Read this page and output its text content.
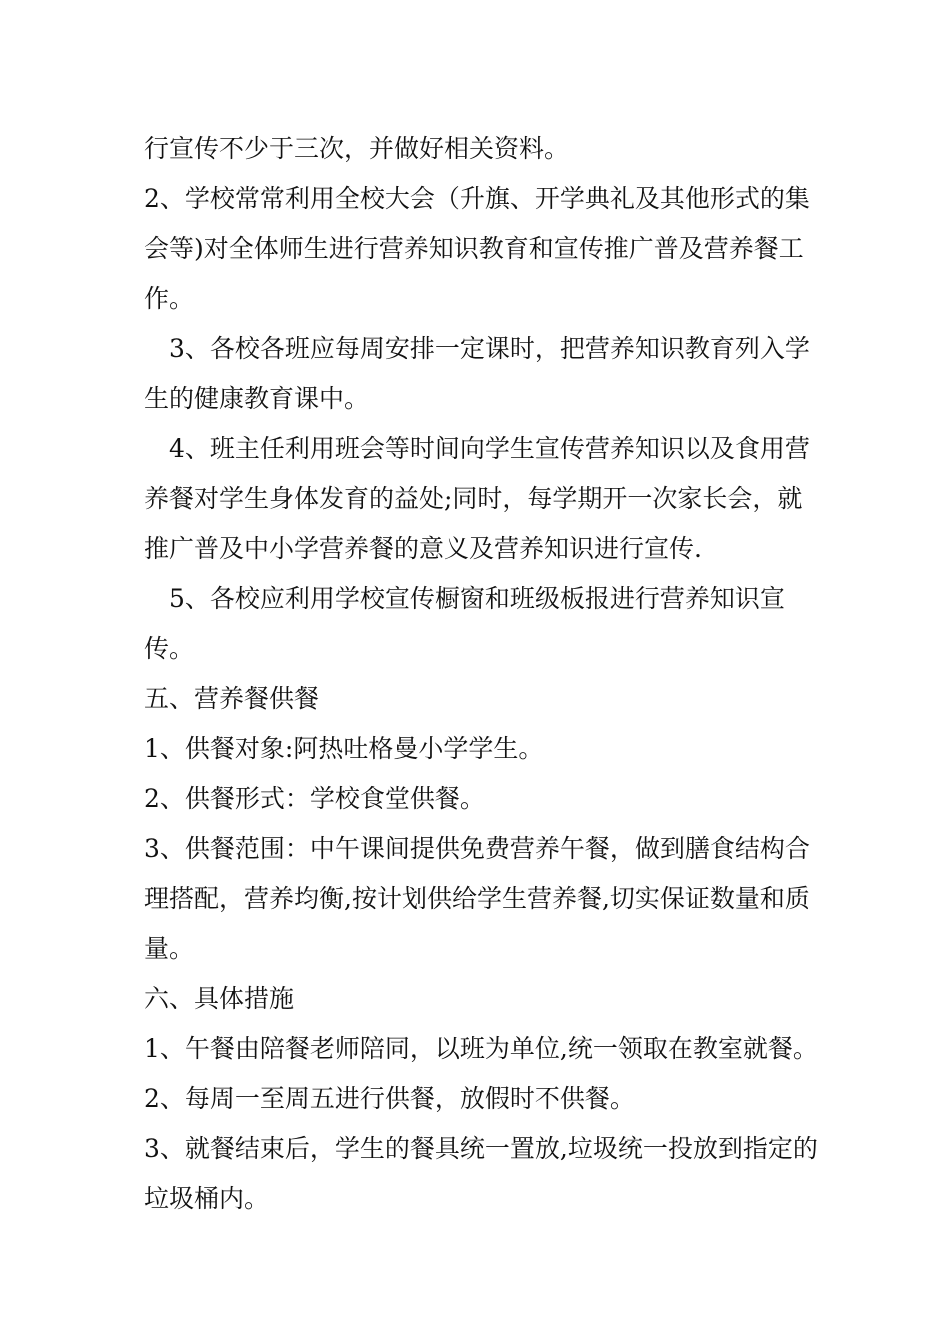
行宣传不少于三次，并做好相关资料。

2、学校常常利用全校大会（升旗、开学典礼及其他形式的集会等)对全体师生进行营养知识教育和宣传推广普及营养餐工作。

3、各校各班应每周安排一定课时，把营养知识教育列入学生的健康教育课中。

4、班主任利用班会等时间向学生宣传营养知识以及食用营养餐对学生身体发育的益处;同时，每学期开一次家长会，就推广普及中小学营养餐的意义及营养知识进行宣传.

5、各校应利用学校宣传橱窗和班级板报进行营养知识宣传。

五、营养餐供餐

1、供餐对象:阿热吐格曼小学学生。

2、供餐形式：学校食堂供餐。

3、供餐范围：中午课间提供免费营养午餐，做到膳食结构合理搭配，营养均衡,按计划供给学生营养餐,切实保证数量和质量。

六、具体措施

1、午餐由陪餐老师陪同，以班为单位,统一领取在教室就餐。

2、每周一至周五进行供餐，放假时不供餐。

3、就餐结束后，学生的餐具统一置放,垃圾统一投放到指定的垃圾桶内。
